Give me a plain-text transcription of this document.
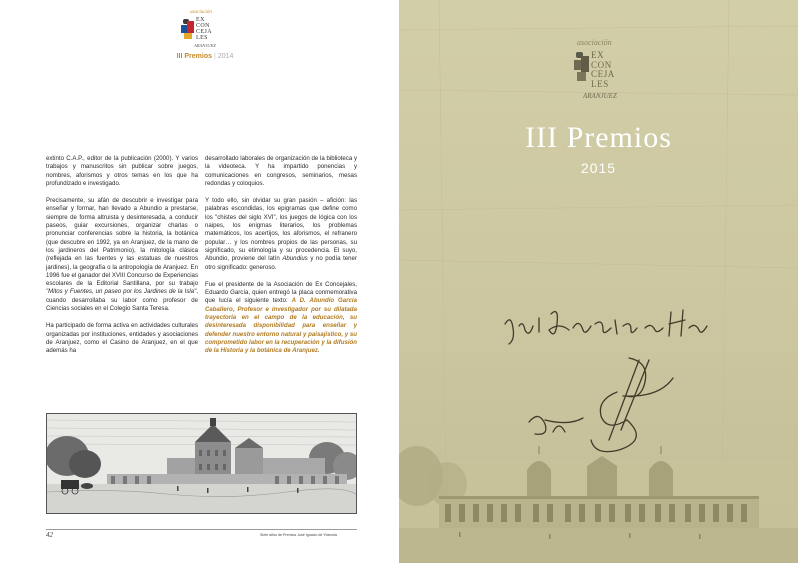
asociación
EX
CON
CEJA
LES
ARANJUEZ
III Premios | 2014

extinto C.A.P., editor de la publicación (2000). Y varios trabajos y manuscritos sin publicar sobre juegos, nombres, aforismos y otros temas en los que ha profundizado e investigado.

Precisamente, su afán de descubrir e investigar para enseñar y formar, han llevado a Abundio a prestarse, siempre de forma altruista y desinteresada, a conducir paseos, guiar excursiones, organizar charlas o pronunciar conferencias sobre la historia, la botánica (que descubre en 1992, ya en Aranjuez, de la mano de los jardineros del Patrimonio), la mitología clásica (reflejada en las fuentes y las estatuas de nuestros jardines), la geografía o la antropología de Aranjuez. En 1996 fue el ganador del XVIII Concurso de Experiencias escolares de la Editorial Santillana, por su trabajo "Mitos y Fuentes, un paseo por los Jardines de la Isla", cuando desarrollaba su labor como profesor de Ciencias sociales en el Colegio Santa Teresa.

Ha participado de forma activa en actividades culturales organizadas por instituciones, entidades y asociaciones de Aranjuez, como el Casino de Aranjuez, en el que además ha

desarrollado laborales de organización de la biblioteca y la videoteca. Y ha impartido ponencias y comunicaciones en congresos, seminarios, mesas redondas y coloquios.

Y todo ello, sin olvidar su gran pasión – afición: las palabras escondidas, los epigramas que define como los "chistes del siglo XVI", los juegos de lógica con los naipes, los enigmas literarios, los problemas matemáticos, los acertijos, los aforismos, el refranero popular… y los nombres propios de las personas, su significado, su etimología y su procedencia. El suyo, Abundio, proviene del latín Abundius y no podía tener otro significado: generoso.

Fue el presidente de la Asociación de Ex Concejales, Eduardo García, quien entregó la placa conmemorativa que lucía el siguiente texto: A D. Abundio García Caballero, Profesor e investigador por su dilatada trayectoria en el campo de la educación, su desinteresada disponibilidad para enseñar y defender nuestro entorno natural y paisajístico, y su comprometido labor en la recuperación y la difusión de la Historia y la botánica de Aranjuez.

42	Siete años de Premios José Ignacio de Ybarrola
asociación
EX
CON
CEJA
LES
ARANJUEZ
III Premios
2015
